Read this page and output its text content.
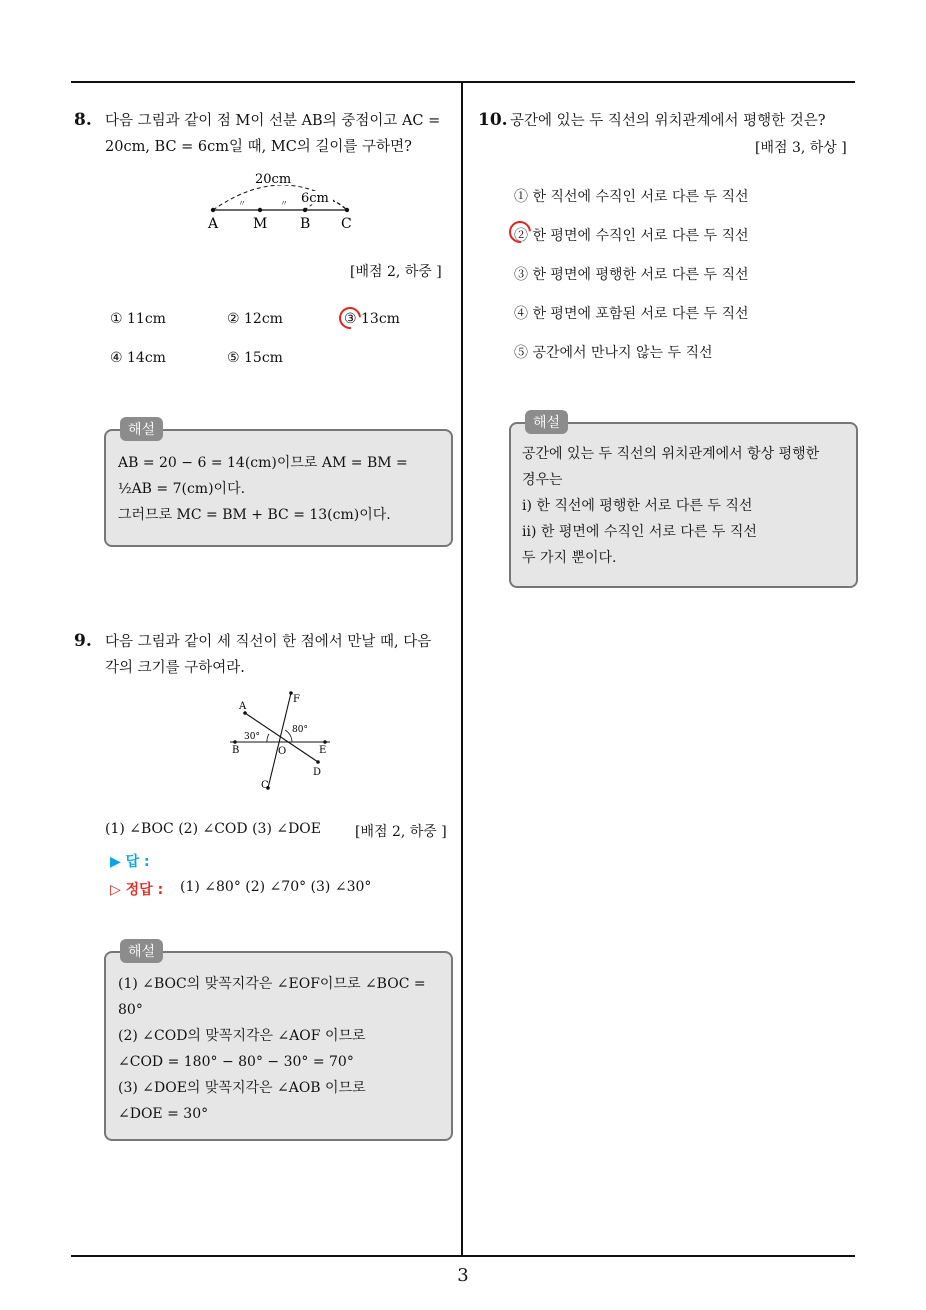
8. 다음 그림과 같이 점 M이 선분 AB의 중점이고 AC =
20cm, BC = 6cm일 때, MC의 길이를 구하면?
〃	〃
20cm
6cm
A M B C
[배점 2, 하중 ]
① 11cm	② 12cm	③ 13cm
④ 14cm	⑤ 15cm
해설
AB = 20 − 6 = 14(cm)이므로 AM = BM =
½AB = 7(cm)이다.
그러므로 MC = BM + BC = 13(cm)이다.
9. 다음 그림과 같이 세 직선이 한 점에서 만날 때, 다음
각의 크기를 구하여라.
A
F
B	O	E
D
C
30°
80°
(1) ∠BOC (2) ∠COD (3) ∠DOE [배점 2, 하중 ]
▶ 답 :
▷ 정답 : (1) ∠80° (2) ∠70° (3) ∠30°
해설
(1) ∠BOC의 맞꼭지각은 ∠EOF이므로 ∠BOC =
80°
(2) ∠COD의 맞꼭지각은 ∠AOF 이므로
∠COD = 180° − 80° − 30° = 70°
(3) ∠DOE의 맞꼭지각은 ∠AOB 이므로
∠DOE = 30°
10. 공간에 있는 두 직선의 위치관계에서 평행한 것은?
[배점 3, 하상 ]
① 한 직선에 수직인 서로 다른 두 직선
② 한 평면에 수직인 서로 다른 두 직선
③ 한 평면에 평행한 서로 다른 두 직선
④ 한 평면에 포함된 서로 다른 두 직선
⑤ 공간에서 만나지 않는 두 직선
해설
공간에 있는 두 직선의 위치관계에서 항상 평행한
경우는
ⅰ) 한 직선에 평행한 서로 다른 두 직선
ⅱ) 한 평면에 수직인 서로 다른 두 직선
두 가지 뿐이다.
3
